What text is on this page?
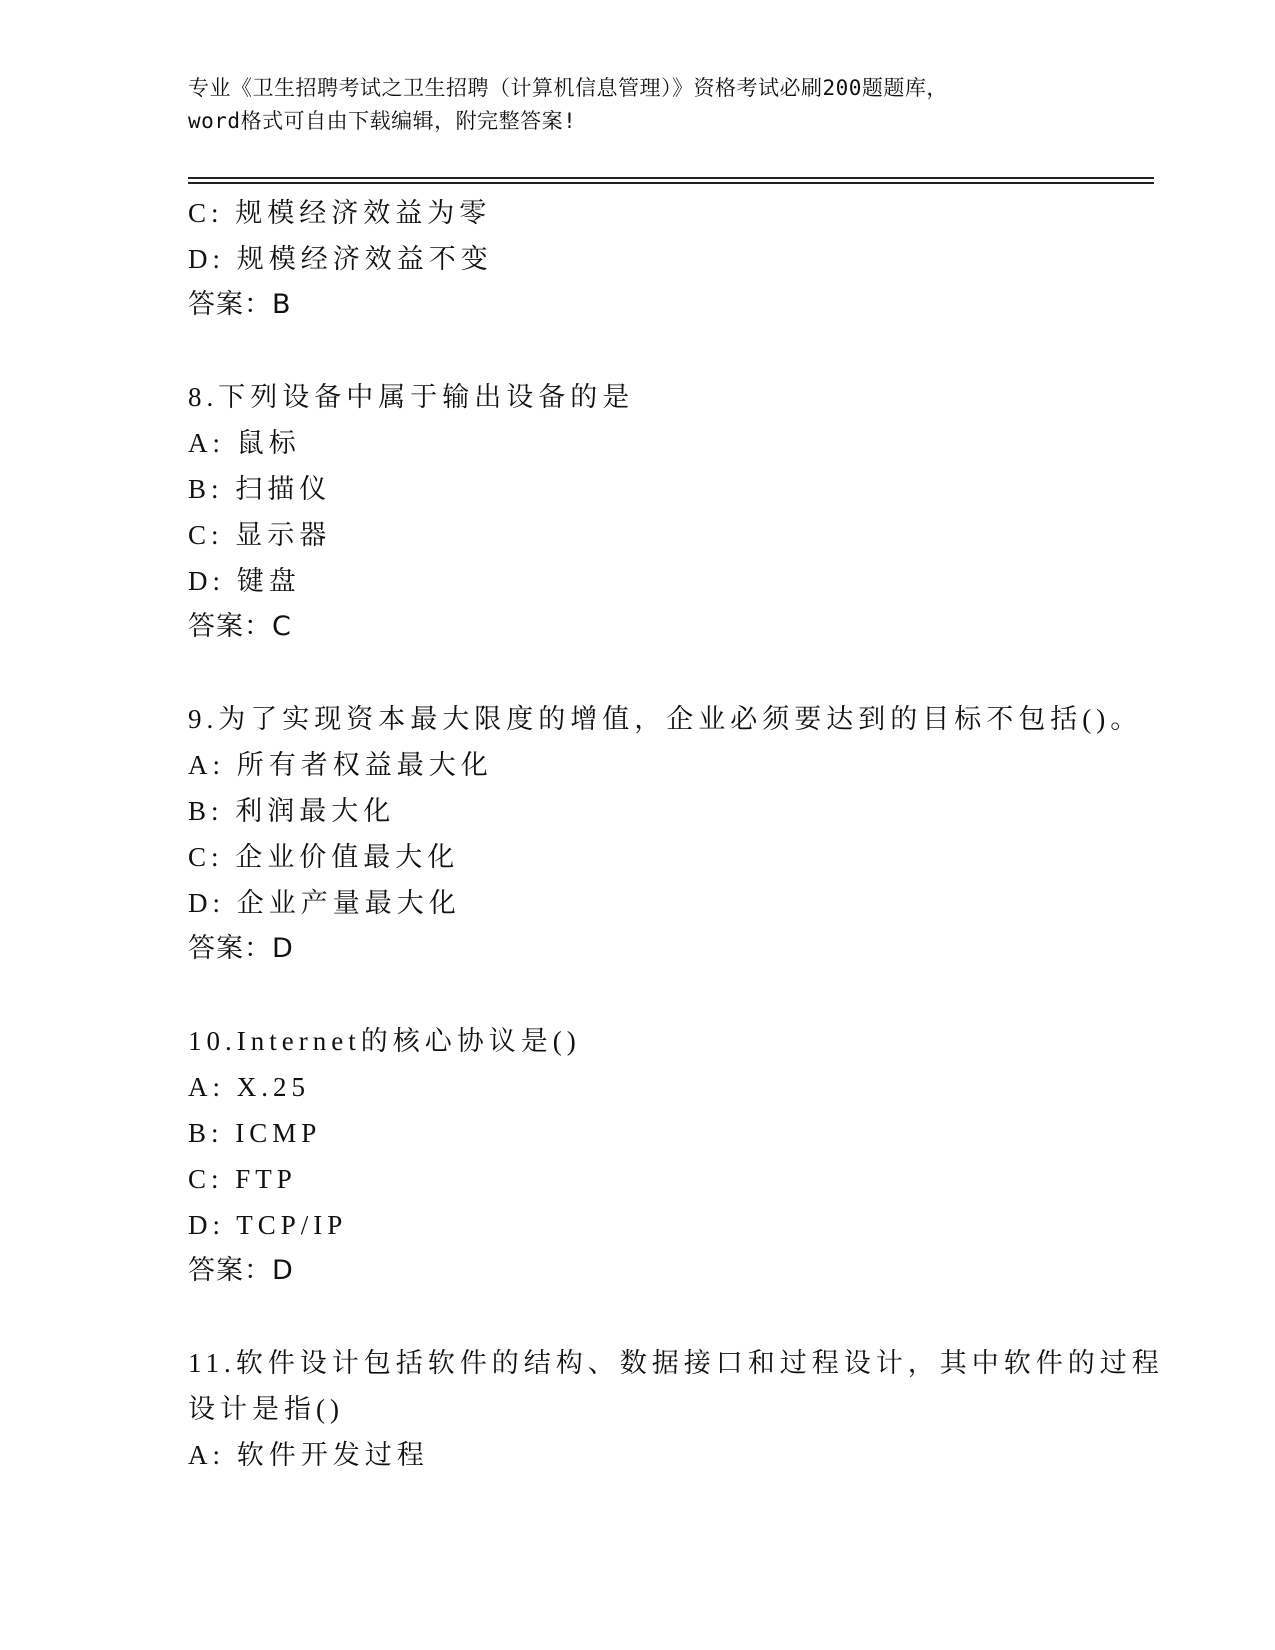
专业《卫生招聘考试之卫生招聘（计算机信息管理）》资格考试必刷200题题库，
word格式可自由下载编辑，附完整答案!
C: 规模经济效益为零
D: 规模经济效益不变
答案：B
8.下列设备中属于输出设备的是
A: 鼠标
B: 扫描仪
C: 显示器
D: 键盘
答案：C
9.为了实现资本最大限度的增值，企业必须要达到的目标不包括()。
A: 所有者权益最大化
B: 利润最大化
C: 企业价值最大化
D: 企业产量最大化
答案：D
10.Internet的核心协议是()
A: X.25
B: ICMP
C: FTP
D: TCP/IP
答案：D
11.软件设计包括软件的结构、数据接口和过程设计，其中软件的过程
设计是指()
A: 软件开发过程
